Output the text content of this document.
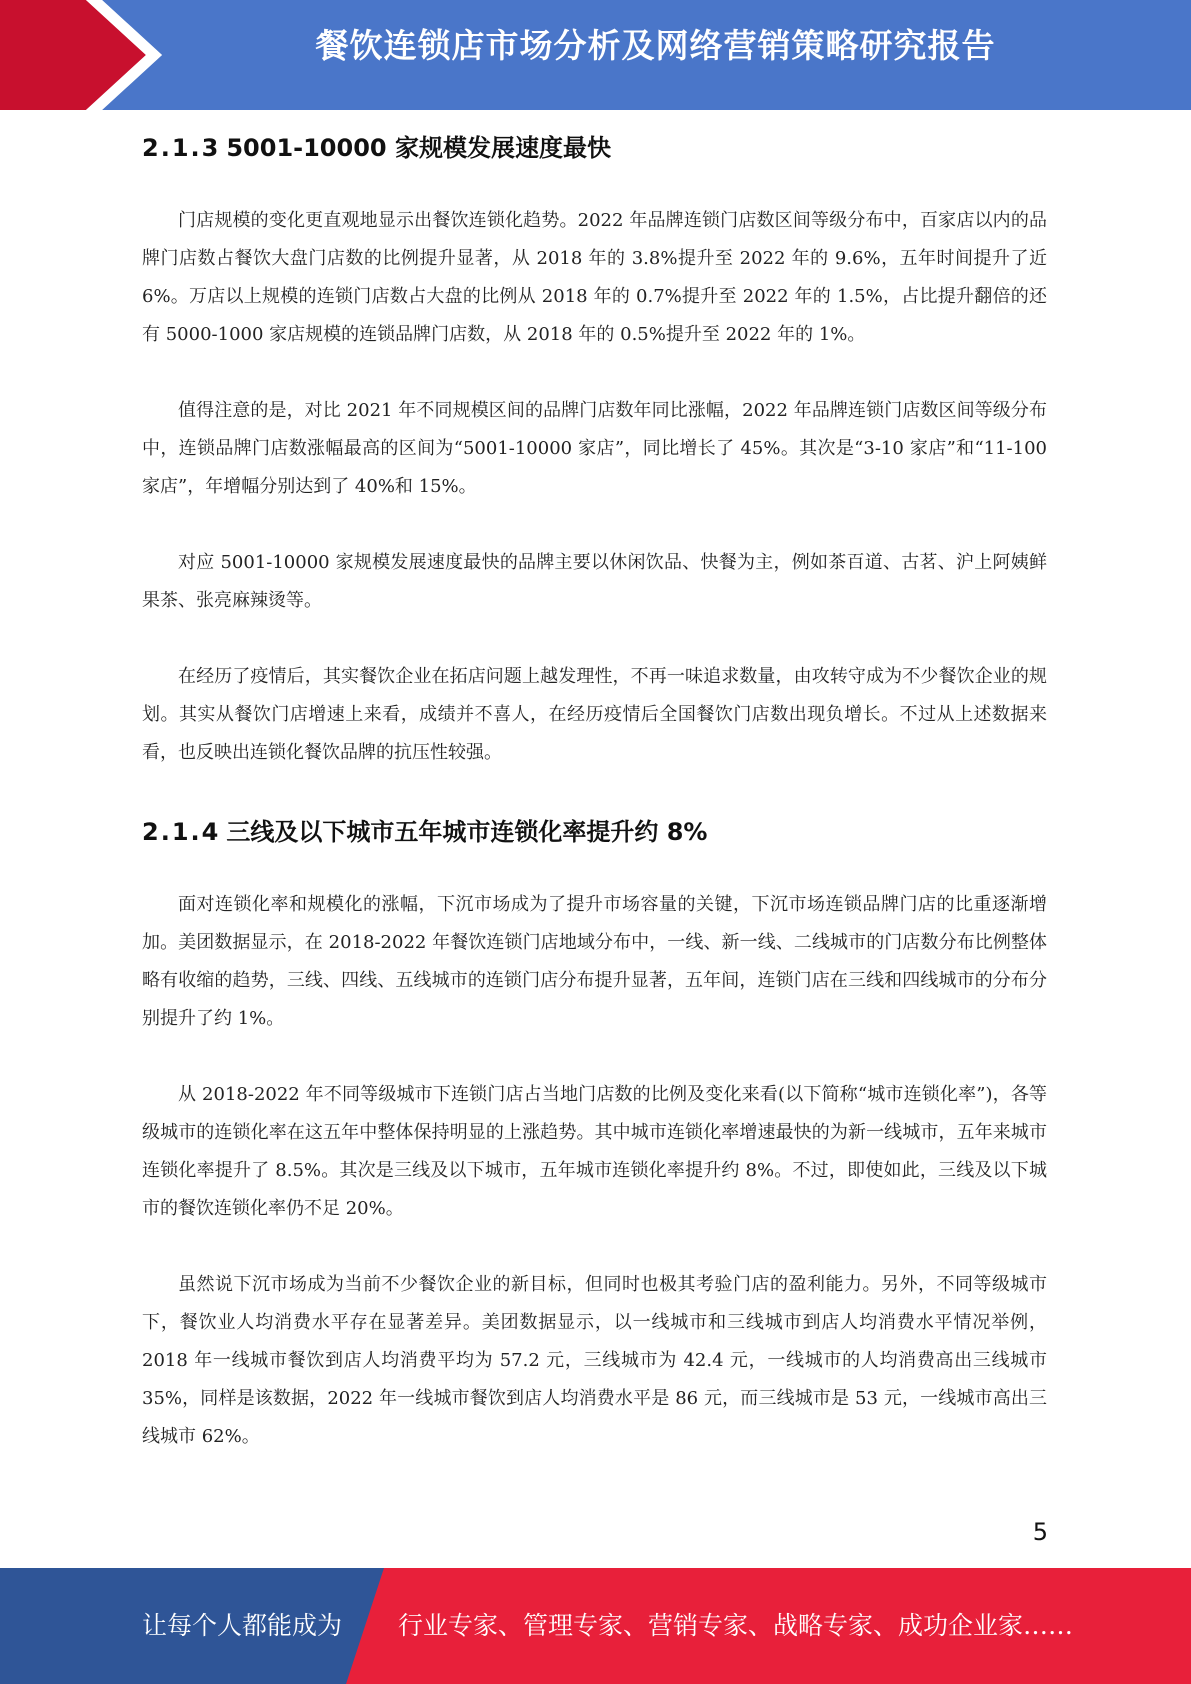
餐饮连锁店市场分析及网络营销策略研究报告
2.1.3 5001-10000 家规模发展速度最快

门店规模的变化更直观地显示出餐饮连锁化趋势。2022 年品牌连锁门店数区间等级分布中，百家店以内的品牌门店数占餐饮大盘门店数的比例提升显著，从 2018 年的 3.8%提升至 2022 年的 9.6%，五年时间提升了近 6%。万店以上规模的连锁门店数占大盘的比例从 2018 年的 0.7%提升至 2022 年的 1.5%，占比提升翻倍的还有 5000-1000 家店规模的连锁品牌门店数，从 2018 年的 0.5%提升至 2022 年的 1%。

值得注意的是，对比 2021 年不同规模区间的品牌门店数年同比涨幅，2022 年品牌连锁门店数区间等级分布中，连锁品牌门店数涨幅最高的区间为“5001-10000 家店”，同比增长了 45%。其次是“3-10 家店”和“11-100 家店”，年增幅分别达到了 40%和 15%。

对应 5001-10000 家规模发展速度最快的品牌主要以休闲饮品、快餐为主，例如茶百道、古茗、沪上阿姨鲜果茶、张亮麻辣烫等。

在经历了疫情后，其实餐饮企业在拓店问题上越发理性，不再一味追求数量，由攻转守成为不少餐饮企业的规划。其实从餐饮门店增速上来看，成绩并不喜人，在经历疫情后全国餐饮门店数出现负增长。不过从上述数据来看，也反映出连锁化餐饮品牌的抗压性较强。

2.1.4 三线及以下城市五年城市连锁化率提升约 8%

面对连锁化率和规模化的涨幅，下沉市场成为了提升市场容量的关键，下沉市场连锁品牌门店的比重逐渐增加。美团数据显示，在 2018-2022 年餐饮连锁门店地域分布中，一线、新一线、二线城市的门店数分布比例整体略有收缩的趋势，三线、四线、五线城市的连锁门店分布提升显著，五年间，连锁门店在三线和四线城市的分布分别提升了约 1%。

从 2018-2022 年不同等级城市下连锁门店占当地门店数的比例及变化来看(以下简称“城市连锁化率”)，各等级城市的连锁化率在这五年中整体保持明显的上涨趋势。其中城市连锁化率增速最快的为新一线城市，五年来城市连锁化率提升了 8.5%。其次是三线及以下城市，五年城市连锁化率提升约 8%。不过，即使如此，三线及以下城市的餐饮连锁化率仍不足 20%。

虽然说下沉市场成为当前不少餐饮企业的新目标，但同时也极其考验门店的盈利能力。另外，不同等级城市下，餐饮业人均消费水平存在显著差异。美团数据显示，以一线城市和三线城市到店人均消费水平情况举例，2018 年一线城市餐饮到店人均消费平均为 57.2 元，三线城市为 42.4 元，一线城市的人均消费高出三线城市 35%，同样是该数据，2022 年一线城市餐饮到店人均消费水平是 86 元，而三线城市是 53 元，一线城市高出三线城市 62%。

5
让每个人都能成为 行业专家、管理专家、营销专家、战略专家、成功企业家……
